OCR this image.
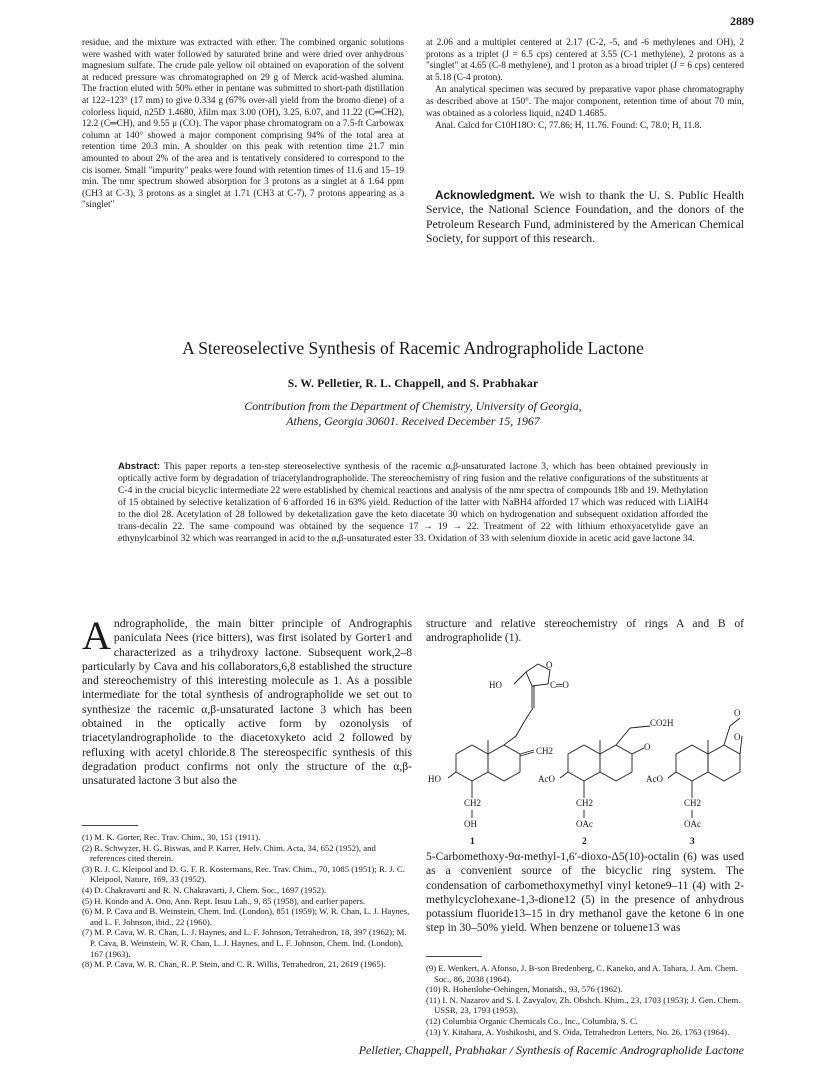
2889

residue, and the mixture was extracted with ether. The combined organic solutions were washed with water followed by saturated brine and were dried over anhydrous magnesium sulfate. The crude pale yellow oil obtained on evaporation of the solvent at reduced pressure was chromatographed on 29 g of Merck acid-washed alumina. The fraction eluted with 50% ether in pentane was submitted to short-path distillation at 122–123° (17 mm) to give 0.334 g (67% over-all yield from the bromo diene) of a colorless liquid, n25D 1.4680, λfilm max 3.00 (OH), 3.25, 6.07, and 11.22 (C═CH2), 12.2 (C═CH), and 9.55 μ (CO). The vapor phase chromatogram on a 7.5-ft Carbowax column at 140° showed a major component comprising 94% of the total area at retention time 20.3 min. A shoulder on this peak with retention time 21.7 min amounted to about 2% of the area and is tentatively considered to correspond to the cis isomer. Small "impurity" peaks were found with retention times of 11.6 and 15–19 min. The nmr spectrum showed absorption for 3 protons as a singlet at δ 1.64 ppm (CH3 at C-3), 3 protons as a singlet at 1.71 (CH3 at C-7), 7 protons appearing as a "singlet"

at 2.06 and a multiplet centered at 2.17 (C-2, -5, and -6 methylenes and OH), 2 protons as a triplet (J = 6.5 cps) centered at 3.55 (C-1 methylene), 2 protons as a "singlet" at 4.65 (C-8 methylene), and 1 proton as a broad triplet (J = 6 cps) centered at 5.18 (C-4 proton).

An analytical specimen was secured by preparative vapor phase chromatography as described above at 150°. The major component, retention time of about 70 min, was obtained as a colorless liquid, n24D 1.4685.

Anal. Calcd for C10H18O: C, 77.86; H, 11.76. Found: C, 78.0; H, 11.8.

Acknowledgment. We wish to thank the U. S. Public Health Service, the National Science Foundation, and the donors of the Petroleum Research Fund, administered by the American Chemical Society, for support of this research.
A Stereoselective Synthesis of Racemic Andrographolide Lactone
S. W. Pelletier, R. L. Chappell, and S. Prabhakar
Contribution from the Department of Chemistry, University of Georgia,
Athens, Georgia 30601. Received December 15, 1967
Abstract: This paper reports a ten-step stereoselective synthesis of the racemic α,β-unsaturated lactone 3, which has been obtained previously in optically active form by degradation of triacetylandrographolide. The stereochemistry of ring fusion and the relative configurations of the substituents at C-4 in the crucial bicyclic intermediate 22 were established by chemical reactions and analysis of the nmr spectra of compounds 18b and 19. Methylation of 15 obtained by selective ketalization of 6 afforded 16 in 63% yield. Reduction of the latter with NaBH4 afforded 17 which was reduced with LiAlH4 to the diol 28. Acetylation of 28 followed by deketalization gave the keto diacetate 30 which on hydrogenation and subsequent oxidation afforded the trans-decalin 22. The same compound was obtained by the sequence 17 → 19 → 22. Treatment of 22 with lithium ethoxyacetylide gave an ethynylcarbinol 32 which was rearranged in acid to the α,β-unsaturated ester 33. Oxidation of 33 with selenium dioxide in acetic acid gave lactone 34.
Andrographolide, the main bitter principle of Andrographis paniculata Nees (rice bitters), was first isolated by Gorter1 and characterized as a trihydroxy lactone. Subsequent work,2–8 particularly by Cava and his collaborators,6,8 established the structure and stereochemistry of this interesting molecule as 1. As a possible intermediate for the total synthesis of andrographolide we set out to synthesize the racemic α,β-unsaturated lactone 3 which has been obtained in the optically active form by ozonolysis of triacetylandrographolide to the diacetoxyketo acid 2 followed by refluxing with acetyl chloride.8 The stereospecific synthesis of this degradation product confirms not only the structure of the α,β-unsaturated lactone 3 but also the
(1) M. K. Gorter, Rec. Trav. Chim., 30, 151 (1911).
(2) R. Schwyzer, H. G. Biswas, and P. Karrer, Helv. Chim. Acta, 34, 652 (1952), and references cited therein.
(3) R. J. C. Kleipool and D. G. F. R. Kostermans, Rec. Trav. Chim., 70, 1085 (1951); R. J. C. Kleipool, Nature, 169, 33 (1952).
(4) D. Chakravarti and R. N. Chakravarti, J. Chem. Soc., 1697 (1952).
(5) H. Kondo and A. Ono, Ann. Rept. Itsuu Lab., 9, 85 (1958), and earlier papers.
(6) M. P. Cava and B. Weinstein, Chem. Ind. (London), 851 (1959); W. R. Chan, L. J. Haynes, and L. F. Johnson, ibid., 22 (1960).
(7) M. P. Cava, W. R. Chan, L. J. Haynes, and L. F. Johnson, Tetrahedron, 18, 397 (1962); M. P. Cava, B. Weinstein, W. R. Chan, L. J. Haynes, and L. F. Johnson, Chem. Ind. (London), 167 (1963).
(8) M. P. Cava, W. R. Chan, R. P. Stein, and C. R. Willis, Tetrahedron, 21, 2619 (1965).
structure and relative stereochemistry of rings A and B of andrographolide (1).
O
C═O
HO
CH2
HO
CH2
OH
1
CO2H
O
AcO
CH2
OAc
2
O
O
AcO
CH2
OAc
3
5-Carbomethoxy-9α-methyl-1,6′-dioxo-Δ5(10)-octalin (6) was used as a convenient source of the bicyclic ring system. The condensation of carbomethoxymethyl vinyl ketone9–11 (4) with 2-methylcyclohexane-1,3-dione12 (5) in the presence of anhydrous potassium fluoride13–15 in dry methanol gave the ketone 6 in one step in 30–50% yield. When benzene or toluene13 was
(9) E. Wenkert, A. Afonso, J. B-son Bredenberg, C. Kaneko, and A. Tahara, J. Am. Chem. Soc., 86, 2038 (1964).
(10) R. Hohenlohe-Oehingen, Monatsh., 93, 576 (1962).
(11) I. N. Nazarov and S. I. Zavyalov, Zh. Obshch. Khim., 23, 1703 (1953); J. Gen. Chem. USSR, 23, 1793 (1953).
(12) Columbia Organic Chemicals Co., Inc., Columbia, S. C.
(13) Y. Kitahara, A. Yoshikoshi, and S. Oida, Tetrahedron Letters, No. 26, 1763 (1964).
Pelletier, Chappell, Prabhakar / Synthesis of Racemic Andrographolide Lactone
